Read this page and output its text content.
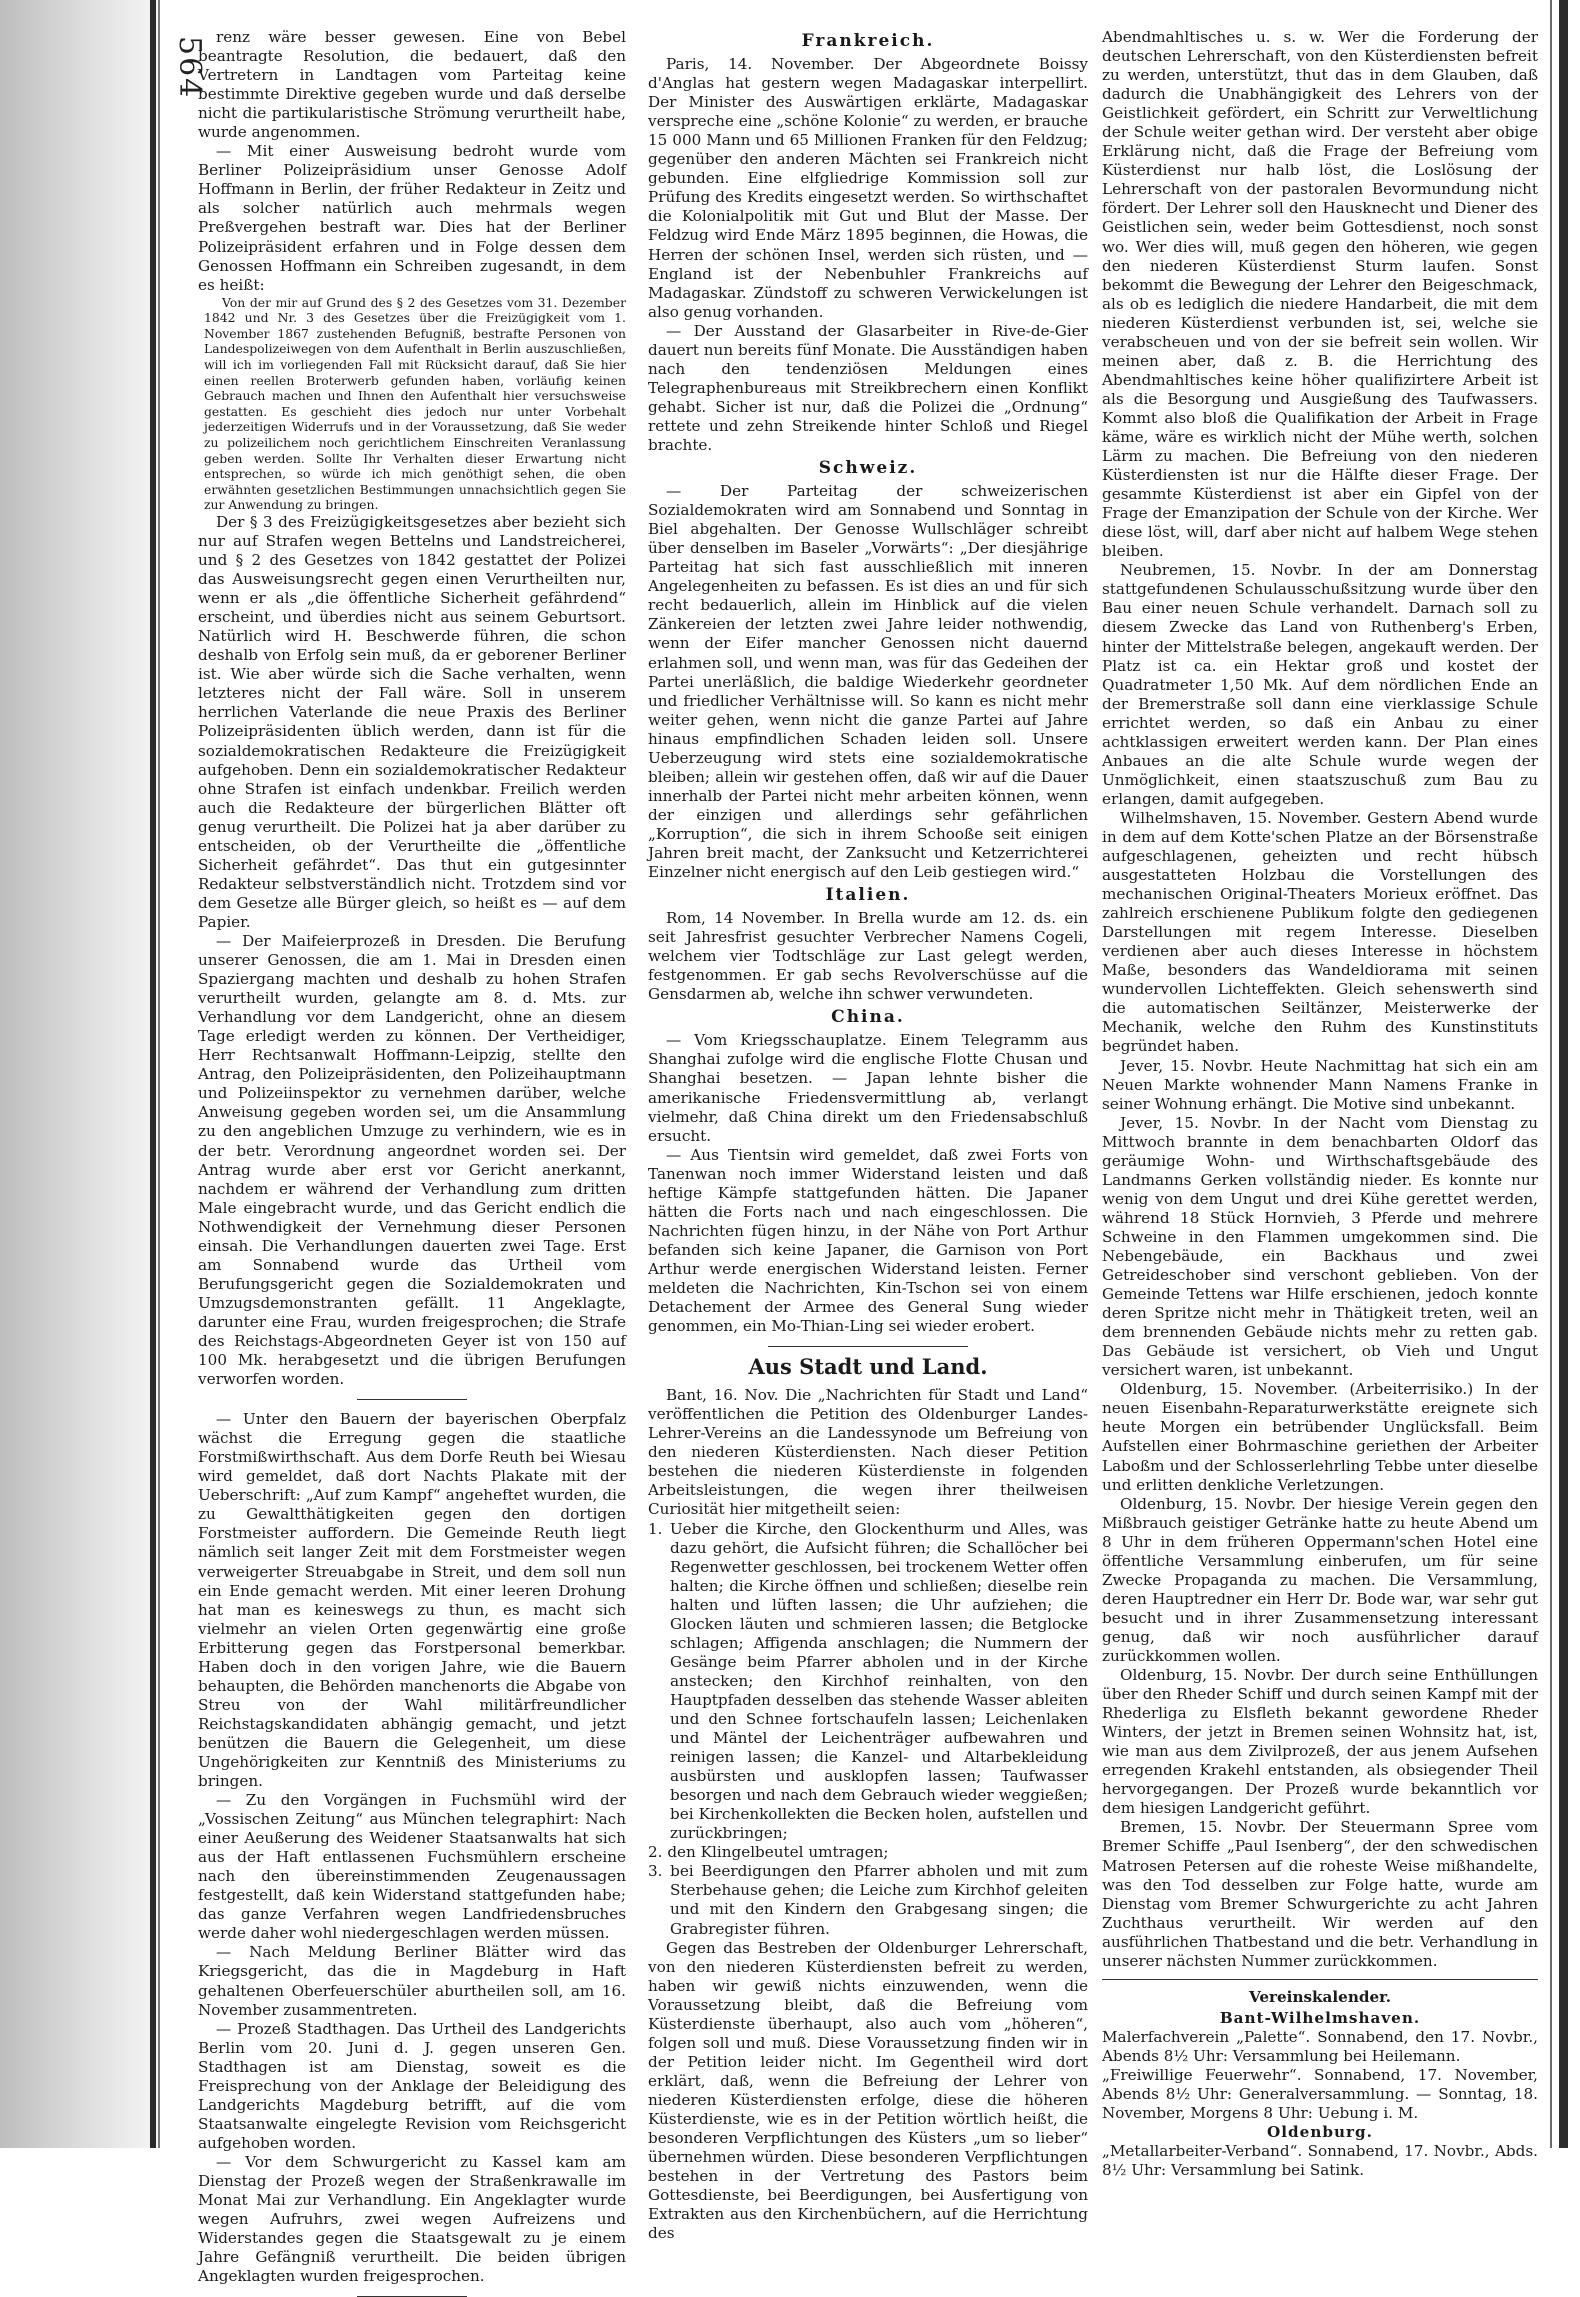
564 renz wäre besser gewesen. Eine von Bebel beantragte Resolution, die bedauert, daß den Vertretern in Landtagen vom Parteitag keine bestimmte Direktive gegeben wurde und daß derselbe nicht die partikularistische Strömung verurtheilt habe, wurde angenommen.

— Mit einer Ausweisung bedroht wurde vom Berliner Polizeipräsidium unser Genosse Adolf Hoffmann in Berlin, der früher Redakteur in Zeitz und als solcher natürlich auch mehrmals wegen Preßvergehen bestraft war. Dies hat der Berliner Polizeipräsident erfahren und in Folge dessen dem Genossen Hoffmann ein Schreiben zugesandt, in dem es heißt:

Von der mir auf Grund des § 2 des Gesetzes vom 31. Dezember 1842 und Nr. 3 des Gesetzes über die Freizügigkeit vom 1. November 1867 zustehenden Befugniß, bestrafte Personen von Landespolizeiwegen von dem Aufenthalt in Berlin auszuschließen, will ich im vorliegenden Fall mit Rücksicht darauf, daß Sie hier einen reellen Broterwerb gefunden haben, vorläufig keinen Gebrauch machen und Ihnen den Aufenthalt hier versuchsweise gestatten. Es geschieht dies jedoch nur unter Vorbehalt jederzeitigen Widerrufs und in der Voraussetzung, daß Sie weder zu polizeilichem noch gerichtlichem Einschreiten Veranlassung geben werden. Sollte Ihr Verhalten dieser Erwartung nicht entsprechen, so würde ich mich genöthigt sehen, die oben erwähnten gesetzlichen Bestimmungen unnachsichtlich gegen Sie zur Anwendung zu bringen.

Der § 3 des Freizügigkeitsgesetzes aber bezieht sich nur auf Strafen wegen Bettelns und Landstreicherei, und § 2 des Gesetzes von 1842 gestattet der Polizei das Ausweisungsrecht gegen einen Verurtheilten nur, wenn er als „die öffentliche Sicherheit gefährdend“ erscheint, und überdies nicht aus seinem Geburtsort. Natürlich wird H. Beschwerde führen, die schon deshalb von Erfolg sein muß, da er geborener Berliner ist. Wie aber würde sich die Sache verhalten, wenn letzteres nicht der Fall wäre. Soll in unserem herrlichen Vaterlande die neue Praxis des Berliner Polizeipräsidenten üblich werden, dann ist für die sozialdemokratischen Redakteure die Freizügigkeit aufgehoben. Denn ein sozialdemokratischer Redakteur ohne Strafen ist einfach undenkbar. Freilich werden auch die Redakteure der bürgerlichen Blätter oft genug verurtheilt. Die Polizei hat ja aber darüber zu entscheiden, ob der Verurtheilte die „öffentliche Sicherheit gefährdet“. Das thut ein gutgesinnter Redakteur selbstverständlich nicht. Trotzdem sind vor dem Gesetze alle Bürger gleich, so heißt es — auf dem Papier.

— Der Maifeierprozeß in Dresden. Die Berufung unserer Genossen, die am 1. Mai in Dresden einen Spaziergang machten und deshalb zu hohen Strafen verurtheilt wurden, gelangte am 8. d. Mts. zur Verhandlung vor dem Landgericht, ohne an diesem Tage erledigt werden zu können. Der Vertheidiger, Herr Rechtsanwalt Hoffmann-Leipzig, stellte den Antrag, den Polizeipräsidenten, den Polizeihauptmann und Polizeiinspektor zu vernehmen darüber, welche Anweisung gegeben worden sei, um die Ansammlung zu den angeblichen Umzuge zu verhindern, wie es in der betr. Verordnung angeordnet worden sei. Der Antrag wurde aber erst vor Gericht anerkannt, nachdem er während der Verhandlung zum dritten Male eingebracht wurde, und das Gericht endlich die Nothwendigkeit der Vernehmung dieser Personen einsah. Die Verhandlungen dauerten zwei Tage. Erst am Sonnabend wurde das Urtheil vom Berufungsgericht gegen die Sozialdemokraten und Umzugsdemonstranten gefällt. 11 Angeklagte, darunter eine Frau, wurden freigesprochen; die Strafe des Reichstags-Abgeordneten Geyer ist von 150 auf 100 Mk. herabgesetzt und die übrigen Berufungen verworfen worden.

— Unter den Bauern der bayerischen Oberpfalz wächst die Erregung gegen die staatliche Forstmißwirthschaft. Aus dem Dorfe Reuth bei Wiesau wird gemeldet, daß dort Nachts Plakate mit der Ueberschrift: „Auf zum Kampf“ angeheftet wurden, die zu Gewaltthätigkeiten gegen den dortigen Forstmeister auffordern. Die Gemeinde Reuth liegt nämlich seit langer Zeit mit dem Forstmeister wegen verweigerter Streuabgabe in Streit, und dem soll nun ein Ende gemacht werden. Mit einer leeren Drohung hat man es keineswegs zu thun, es macht sich vielmehr an vielen Orten gegenwärtig eine große Erbitterung gegen das Forstpersonal bemerkbar. Haben doch in den vorigen Jahre, wie die Bauern behaupten, die Behörden manchenorts die Abgabe von Streu von der Wahl militärfreundlicher Reichstagskandidaten abhängig gemacht, und jetzt benützen die Bauern die Gelegenheit, um diese Ungehörigkeiten zur Kenntniß des Ministeriums zu bringen.

— Zu den Vorgängen in Fuchsmühl wird der „Vossischen Zeitung“ aus München telegraphirt: Nach einer Aeußerung des Weidener Staatsanwalts hat sich aus der Haft entlassenen Fuchsmühlern erscheine nach den übereinstimmenden Zeugenaussagen festgestellt, daß kein Widerstand stattgefunden habe; das ganze Verfahren wegen Landfriedensbruches werde daher wohl niedergeschlagen werden müssen.

— Nach Meldung Berliner Blätter wird das Kriegsgericht, das die in Magdeburg in Haft gehaltenen Oberfeuerschüler aburtheilen soll, am 16. November zusammentreten.

— Prozeß Stadthagen. Das Urtheil des Landgerichts Berlin vom 20. Juni d. J. gegen unseren Gen. Stadthagen ist am Dienstag, soweit es die Freisprechung von der Anklage der Beleidigung des Landgerichts Magdeburg betrifft, auf die vom Staatsanwalte eingelegte Revision vom Reichsgericht aufgehoben worden.

— Vor dem Schwurgericht zu Kassel kam am Dienstag der Prozeß wegen der Straßenkrawalle im Monat Mai zur Verhandlung. Ein Angeklagter wurde wegen Aufruhrs, zwei wegen Aufreizens und Widerstandes gegen die Staatsgewalt zu je einem Jahre Gefängniß verurtheilt. Die beiden übrigen Angeklagten wurden freigesprochen.

Frankreich.

Paris, 14. November. Der Abgeordnete Boissy d'Anglas hat gestern wegen Madagaskar interpellirt. Der Minister des Auswärtigen erklärte, Madagaskar verspreche eine „schöne Kolonie“ zu werden, er brauche 15 000 Mann und 65 Millionen Franken für den Feldzug; gegenüber den anderen Mächten sei Frankreich nicht gebunden. Eine elfgliedrige Kommission soll zur Prüfung des Kredits eingesetzt werden. So wirthschaftet die Kolonialpolitik mit Gut und Blut der Masse. Der Feldzug wird Ende März 1895 beginnen, die Howas, die Herren der schönen Insel, werden sich rüsten, und — England ist der Nebenbuhler Frankreichs auf Madagaskar. Zündstoff zu schweren Verwickelungen ist also genug vorhanden.

— Der Ausstand der Glasarbeiter in Rive-de-Gier dauert nun bereits fünf Monate. Die Ausständigen haben nach den tendenziösen Meldungen eines Telegraphenbureaus mit Streikbrechern einen Konflikt gehabt. Sicher ist nur, daß die Polizei die „Ordnung“ rettete und zehn Streikende hinter Schloß und Riegel brachte.

Schweiz.

— Der Parteitag der schweizerischen Sozialdemokraten wird am Sonnabend und Sonntag in Biel abgehalten. Der Genosse Wullschläger schreibt über denselben im Baseler „Vorwärts“: „Der diesjährige Parteitag hat sich fast ausschließlich mit inneren Angelegenheiten zu befassen. Es ist dies an und für sich recht bedauerlich, allein im Hinblick auf die vielen Zänkereien der letzten zwei Jahre leider nothwendig, wenn der Eifer mancher Genossen nicht dauernd erlahmen soll, und wenn man, was für das Gedeihen der Partei unerläßlich, die baldige Wiederkehr geordneter und friedlicher Verhältnisse will. So kann es nicht mehr weiter gehen, wenn nicht die ganze Partei auf Jahre hinaus empfindlichen Schaden leiden soll. Unsere Ueberzeugung wird stets eine sozialdemokratische bleiben; allein wir gestehen offen, daß wir auf die Dauer innerhalb der Partei nicht mehr arbeiten können, wenn der einzigen und allerdings sehr gefährlichen „Korruption“, die sich in ihrem Schooße seit einigen Jahren breit macht, der Zanksucht und Ketzerrichterei Einzelner nicht energisch auf den Leib gestiegen wird.“

Italien.

Rom, 14 November. In Brella wurde am 12. ds. ein seit Jahresfrist gesuchter Verbrecher Namens Cogeli, welchem vier Todtschläge zur Last gelegt werden, festgenommen. Er gab sechs Revolverschüsse auf die Gensdarmen ab, welche ihn schwer verwundeten.

China.

— Vom Kriegsschauplatze. Einem Telegramm aus Shanghai zufolge wird die englische Flotte Chusan und Shanghai besetzen. — Japan lehnte bisher die amerikanische Friedensvermittlung ab, verlangt vielmehr, daß China direkt um den Friedensabschluß ersucht.

— Aus Tientsin wird gemeldet, daß zwei Forts von Tanenwan noch immer Widerstand leisten und daß heftige Kämpfe stattgefunden hätten. Die Japaner hätten die Forts nach und nach eingeschlossen. Die Nachrichten fügen hinzu, in der Nähe von Port Arthur befanden sich keine Japaner, die Garnison von Port Arthur werde energischen Widerstand leisten. Ferner meldeten die Nachrichten, Kin-Tschon sei von einem Detachement der Armee des General Sung wieder genommen, ein Mo-Thian-Ling sei wieder erobert.

Aus Stadt und Land.

Bant, 16. Nov. Die „Nachrichten für Stadt und Land“ veröffentlichen die Petition des Oldenburger Landes-Lehrer-Vereins an die Landessynode um Befreiung von den niederen Küsterdiensten. Nach dieser Petition bestehen die niederen Küsterdienste in folgenden Arbeitsleistungen, die wegen ihrer theilweisen Curiosität hier mitgetheilt seien:

1. Ueber die Kirche, den Glockenthurm und Alles, was dazu gehört, die Aufsicht führen; die Schallöcher bei Regenwetter geschlossen, bei trockenem Wetter offen halten; die Kirche öffnen und schließen; dieselbe rein halten und lüften lassen; die Uhr aufziehen; die Glocken läuten und schmieren lassen; die Betglocke schlagen; Affigenda anschlagen; die Nummern der Gesänge beim Pfarrer abholen und in der Kirche anstecken; den Kirchhof reinhalten, von den Hauptpfaden desselben das stehende Wasser ableiten und den Schnee fortschaufeln lassen; Leichenlaken und Mäntel der Leichenträger aufbewahren und reinigen lassen; die Kanzel- und Altarbekleidung ausbürsten und ausklopfen lassen; Taufwasser besorgen und nach dem Gebrauch wieder weggießen; bei Kirchenkollekten die Becken holen, aufstellen und zurückbringen;
2. den Klingelbeutel umtragen;
3. bei Beerdigungen den Pfarrer abholen und mit zum Sterbehause gehen; die Leiche zum Kirchhof geleiten und mit den Kindern den Grabgesang singen; die Grabregister führen.

Gegen das Bestreben der Oldenburger Lehrerschaft, von den niederen Küsterdiensten befreit zu werden, haben wir gewiß nichts einzuwenden, wenn die Voraussetzung bleibt, daß die Befreiung vom Küsterdienste überhaupt, also auch vom „höheren“, folgen soll und muß. Diese Voraussetzung finden wir in der Petition leider nicht. Im Gegentheil wird dort erklärt, daß, wenn die Befreiung der Lehrer von niederen Küsterdiensten erfolge, diese die höheren Küsterdienste, wie es in der Petition wörtlich heißt, die besonderen Verpflichtungen des Küsters „um so lieber“ übernehmen würden. Diese besonderen Verpflichtungen bestehen in der Vertretung des Pastors beim Gottesdienste, bei Beerdigungen, bei Ausfertigung von Extrakten aus den Kirchenbüchern, auf die Herrichtung des

Abendmahltisches u. s. w. Wer die Forderung der deutschen Lehrerschaft, von den Küsterdiensten befreit zu werden, unterstützt, thut das in dem Glauben, daß dadurch die Unabhängigkeit des Lehrers von der Geistlichkeit gefördert, ein Schritt zur Verweltlichung der Schule weiter gethan wird. Der versteht aber obige Erklärung nicht, daß die Frage der Befreiung vom Küsterdienst nur halb löst, die Loslösung der Lehrerschaft von der pastoralen Bevormundung nicht fördert. Der Lehrer soll den Hausknecht und Diener des Geistlichen sein, weder beim Gottesdienst, noch sonst wo. Wer dies will, muß gegen den höheren, wie gegen den niederen Küsterdienst Sturm laufen. Sonst bekommt die Bewegung der Lehrer den Beigeschmack, als ob es lediglich die niedere Handarbeit, die mit dem niederen Küsterdienst verbunden ist, sei, welche sie verabscheuen und von der sie befreit sein wollen. Wir meinen aber, daß z. B. die Herrichtung des Abendmahltisches keine höher qualifizirtere Arbeit ist als die Besorgung und Ausgießung des Taufwassers. Kommt also bloß die Qualifikation der Arbeit in Frage käme, wäre es wirklich nicht der Mühe werth, solchen Lärm zu machen. Die Befreiung von den niederen Küsterdiensten ist nur die Hälfte dieser Frage. Der gesammte Küsterdienst ist aber ein Gipfel von der Frage der Emanzipation der Schule von der Kirche. Wer diese löst, will, darf aber nicht auf halbem Wege stehen bleiben.

Neubremen, 15. Novbr. In der am Donnerstag stattgefundenen Schulausschußsitzung wurde über den Bau einer neuen Schule verhandelt. Darnach soll zu diesem Zwecke das Land von Ruthenberg's Erben, hinter der Mittelstraße belegen, angekauft werden. Der Platz ist ca. ein Hektar groß und kostet der Quadratmeter 1,50 Mk. Auf dem nördlichen Ende an der Bremerstraße soll dann eine vierklassige Schule errichtet werden, so daß ein Anbau zu einer achtklassigen erweitert werden kann. Der Plan eines Anbaues an die alte Schule wurde wegen der Unmöglichkeit, einen staatszuschuß zum Bau zu erlangen, damit aufgegeben.

Wilhelmshaven, 15. November. Gestern Abend wurde in dem auf dem Kotte'schen Platze an der Börsenstraße aufgeschlagenen, geheizten und recht hübsch ausgestatteten Holzbau die Vorstellungen des mechanischen Original-Theaters Morieux eröffnet. Das zahlreich erschienene Publikum folgte den gediegenen Darstellungen mit regem Interesse. Dieselben verdienen aber auch dieses Interesse in höchstem Maße, besonders das Wandeldiorama mit seinen wundervollen Lichteffekten. Gleich sehenswerth sind die automatischen Seiltänzer, Meisterwerke der Mechanik, welche den Ruhm des Kunstinstituts begründet haben.

Jever, 15. Novbr. Heute Nachmittag hat sich ein am Neuen Markte wohnender Mann Namens Franke in seiner Wohnung erhängt. Die Motive sind unbekannt.

Jever, 15. Novbr. In der Nacht vom Dienstag zu Mittwoch brannte in dem benachbarten Oldorf das geräumige Wohn- und Wirthschaftsgebäude des Landmanns Gerken vollständig nieder. Es konnte nur wenig von dem Ungut und drei Kühe gerettet werden, während 18 Stück Hornvieh, 3 Pferde und mehrere Schweine in den Flammen umgekommen sind. Die Nebengebäude, ein Backhaus und zwei Getreideschober sind verschont geblieben. Von der Gemeinde Tettens war Hilfe erschienen, jedoch konnte deren Spritze nicht mehr in Thätigkeit treten, weil an dem brennenden Gebäude nichts mehr zu retten gab. Das Gebäude ist versichert, ob Vieh und Ungut versichert waren, ist unbekannt.

Oldenburg, 15. November. (Arbeiterrisiko.) In der neuen Eisenbahn-Reparaturwerkstätte ereignete sich heute Morgen ein betrübender Unglücksfall. Beim Aufstellen einer Bohrmaschine geriethen der Arbeiter Laboßm und der Schlosserlehrling Tebbe unter dieselbe und erlitten denkliche Verletzungen.

Oldenburg, 15. Novbr. Der hiesige Verein gegen den Mißbrauch geistiger Getränke hatte zu heute Abend um 8 Uhr in dem früheren Oppermann'schen Hotel eine öffentliche Versammlung einberufen, um für seine Zwecke Propaganda zu machen. Die Versammlung, deren Hauptredner ein Herr Dr. Bode war, war sehr gut besucht und in ihrer Zusammensetzung interessant genug, daß wir noch ausführlicher darauf zurückkommen wollen.

Oldenburg, 15. Novbr. Der durch seine Enthüllungen über den Rheder Schiff und durch seinen Kampf mit der Rhederliga zu Elsfleth bekannt gewordene Rheder Winters, der jetzt in Bremen seinen Wohnsitz hat, ist, wie man aus dem Zivilprozeß, der aus jenem Aufsehen erregenden Krakehl entstanden, als obsiegender Theil hervorgegangen. Der Prozeß wurde bekanntlich vor dem hiesigen Landgericht geführt.

Bremen, 15. Novbr. Der Steuermann Spree vom Bremer Schiffe „Paul Isenberg“, der den schwedischen Matrosen Petersen auf die roheste Weise mißhandelte, was den Tod desselben zur Folge hatte, wurde am Dienstag vom Bremer Schwurgerichte zu acht Jahren Zuchthaus verurtheilt. Wir werden auf den ausführlichen Thatbestand und die betr. Verhandlung in unserer nächsten Nummer zurückkommen.

Vereinskalender.
Bant-Wilhelmshaven.

Malerfachverein „Palette“. Sonnabend, den 17. Novbr., Abends 8½ Uhr: Versammlung bei Heilemann.

„Freiwillige Feuerwehr“. Sonnabend, 17. November, Abends 8½ Uhr: Generalversammlung. — Sonntag, 18. November, Morgens 8 Uhr: Uebung i. M.

Oldenburg.

„Metallarbeiter-Verband“. Sonnabend, 17. Novbr., Abds. 8½ Uhr: Versammlung bei Satink.
